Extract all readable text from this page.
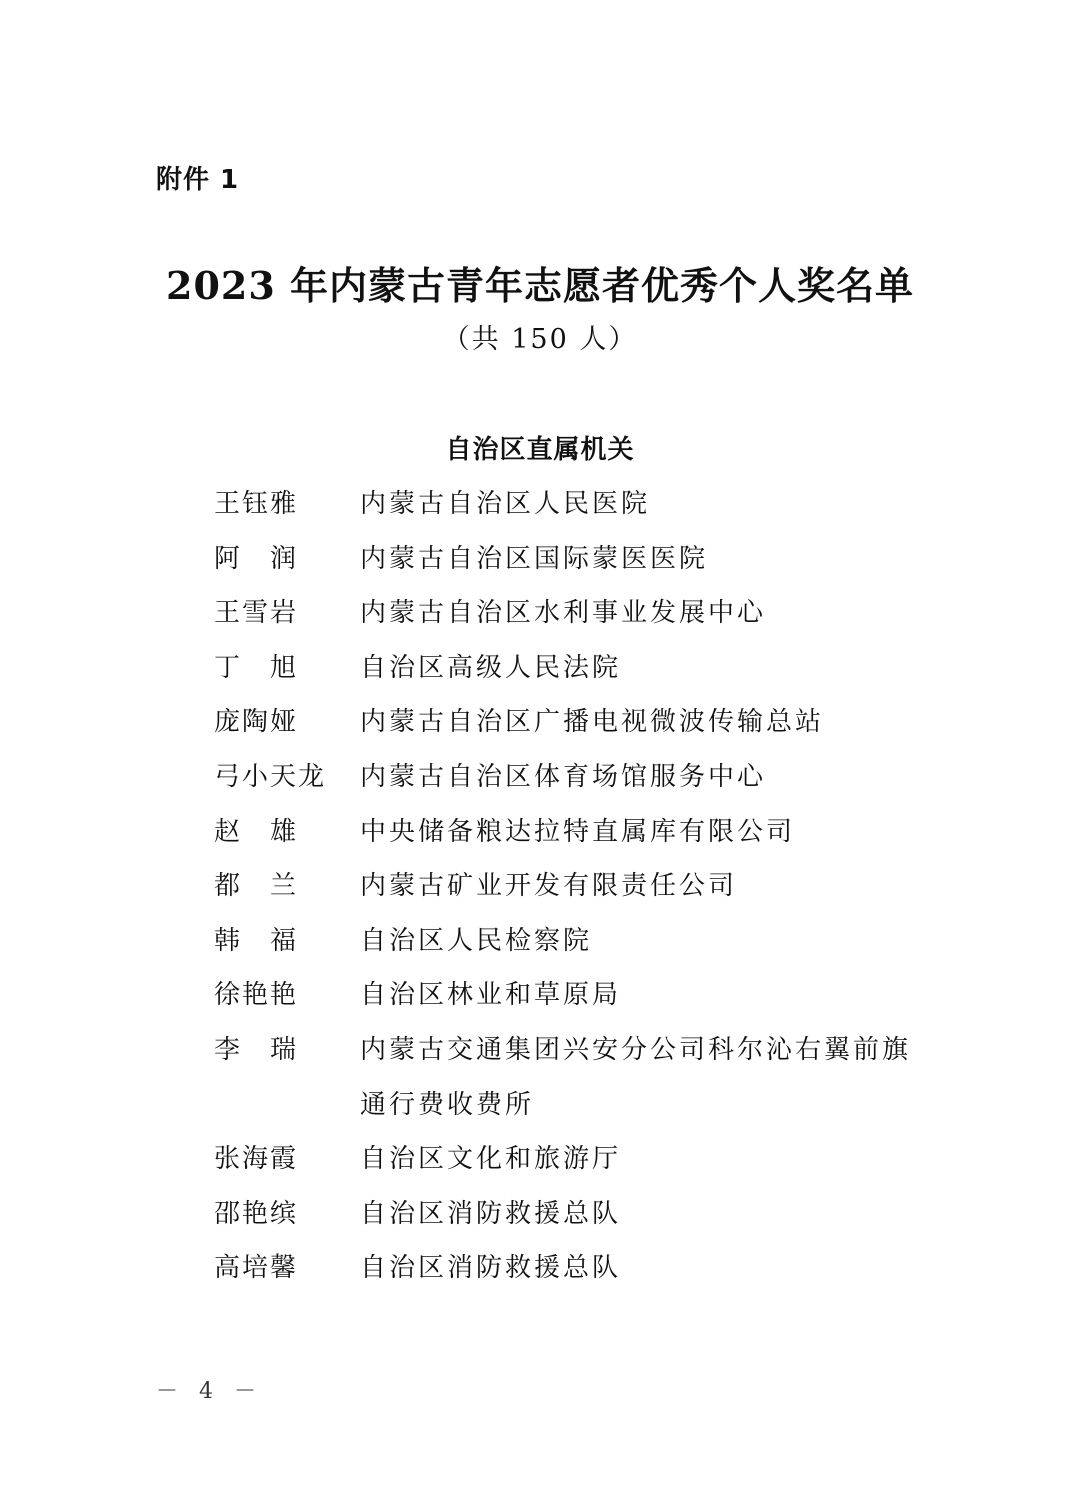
附件 1
2023 年内蒙古青年志愿者优秀个人奖名单
（共 150 人）
自治区直属机关
王钰雅	内蒙古自治区人民医院
阿　润	内蒙古自治区国际蒙医医院
王雪岩	内蒙古自治区水利事业发展中心
丁　旭	自治区高级人民法院
庞陶娅	内蒙古自治区广播电视微波传输总站
弓小天龙	内蒙古自治区体育场馆服务中心
赵　雄	中央储备粮达拉特直属库有限公司
都　兰	内蒙古矿业开发有限责任公司
韩　福	自治区人民检察院
徐艳艳	自治区林业和草原局
李　瑞	内蒙古交通集团兴安分公司科尔沁右翼前旗通行费收费所
张海霞	自治区文化和旅游厅
邵艳缤	自治区消防救援总队
高培馨	自治区消防救援总队
－ 4 －
